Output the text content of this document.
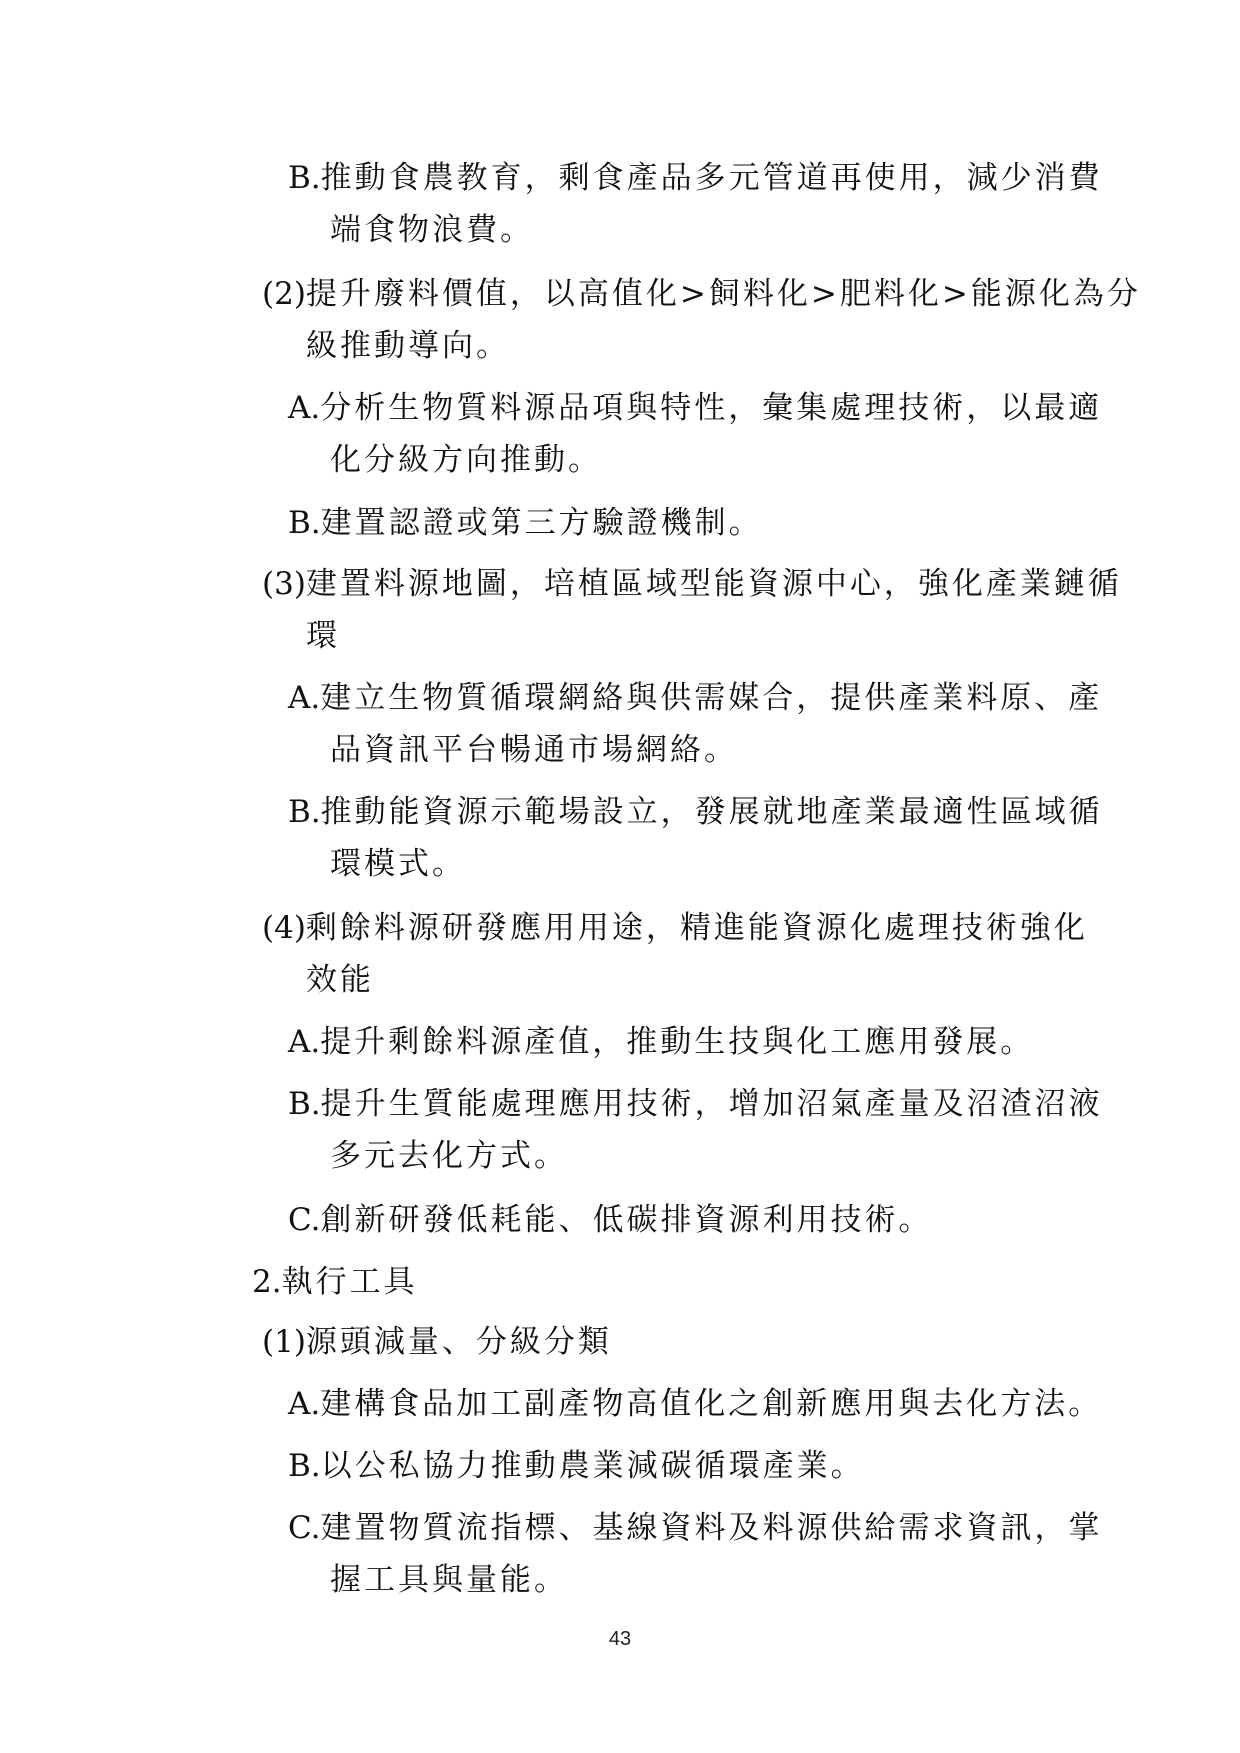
B.推動食農教育，剩食產品多元管道再使用，減少消費
端食物浪費。
(2)提升廢料價值，以高值化>飼料化>肥料化>能源化為分
級推動導向。
A.分析生物質料源品項與特性，彙集處理技術，以最適
化分級方向推動。
B.建置認證或第三方驗證機制。
(3)建置料源地圖，培植區域型能資源中心，強化產業鏈循
環
A.建立生物質循環網絡與供需媒合，提供產業料原、產
品資訊平台暢通市場網絡。
B.推動能資源示範場設立，發展就地產業最適性區域循
環模式。
(4)剩餘料源研發應用用途，精進能資源化處理技術強化
效能
A.提升剩餘料源產值，推動生技與化工應用發展。
B.提升生質能處理應用技術，增加沼氣產量及沼渣沼液
多元去化方式。
C.創新研發低耗能、低碳排資源利用技術。
2.執行工具
(1)源頭減量、分級分類
A.建構食品加工副產物高值化之創新應用與去化方法。
B.以公私協力推動農業減碳循環產業。
C.建置物質流指標、基線資料及料源供給需求資訊，掌
握工具與量能。
43
